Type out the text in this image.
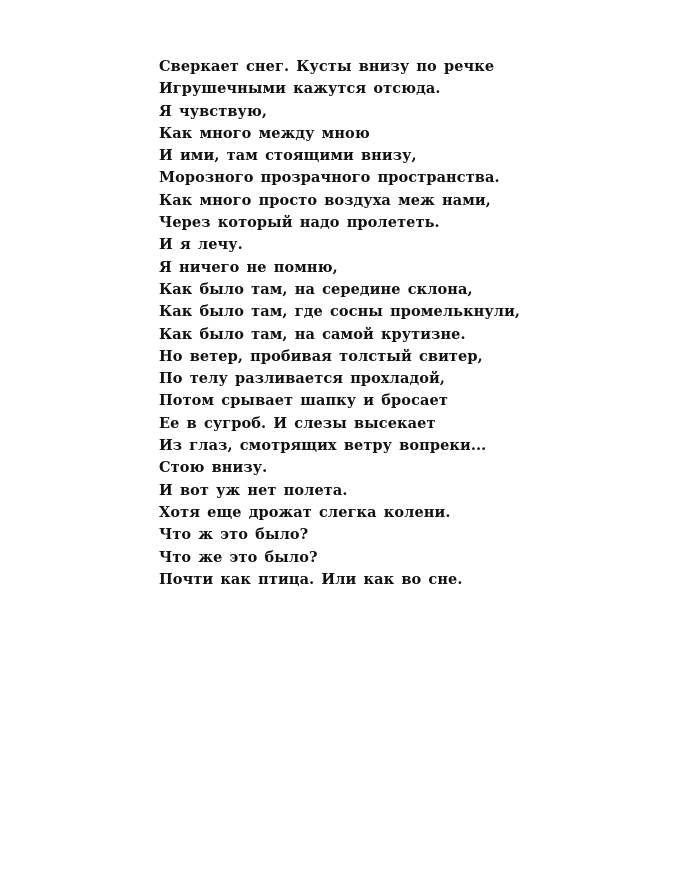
Сверкает снег. Кусты внизу по речке
Игрушечными кажутся отсюда.
Я чувствую,
Как много между мною
И ими, там стоящими внизу,
Морозного прозрачного пространства.
Как много просто воздуха меж нами,
Через который надо пролететь.
И я лечу.
Я ничего не помню,
Как было там, на середине склона,
Как было там, где сосны промелькнули,
Как было там, на самой крутизне.
Но ветер, пробивая толстый свитер,
По телу разливается прохладой,
Потом срывает шапку и бросает
Ее в сугроб. И слезы высекает
Из глаз, смотрящих ветру вопреки...
Стою внизу.
И вот уж нет полета.
Хотя еще дрожат слегка колени.
Что ж это было?
Что же это было?
Почти как птица. Или как во сне.
